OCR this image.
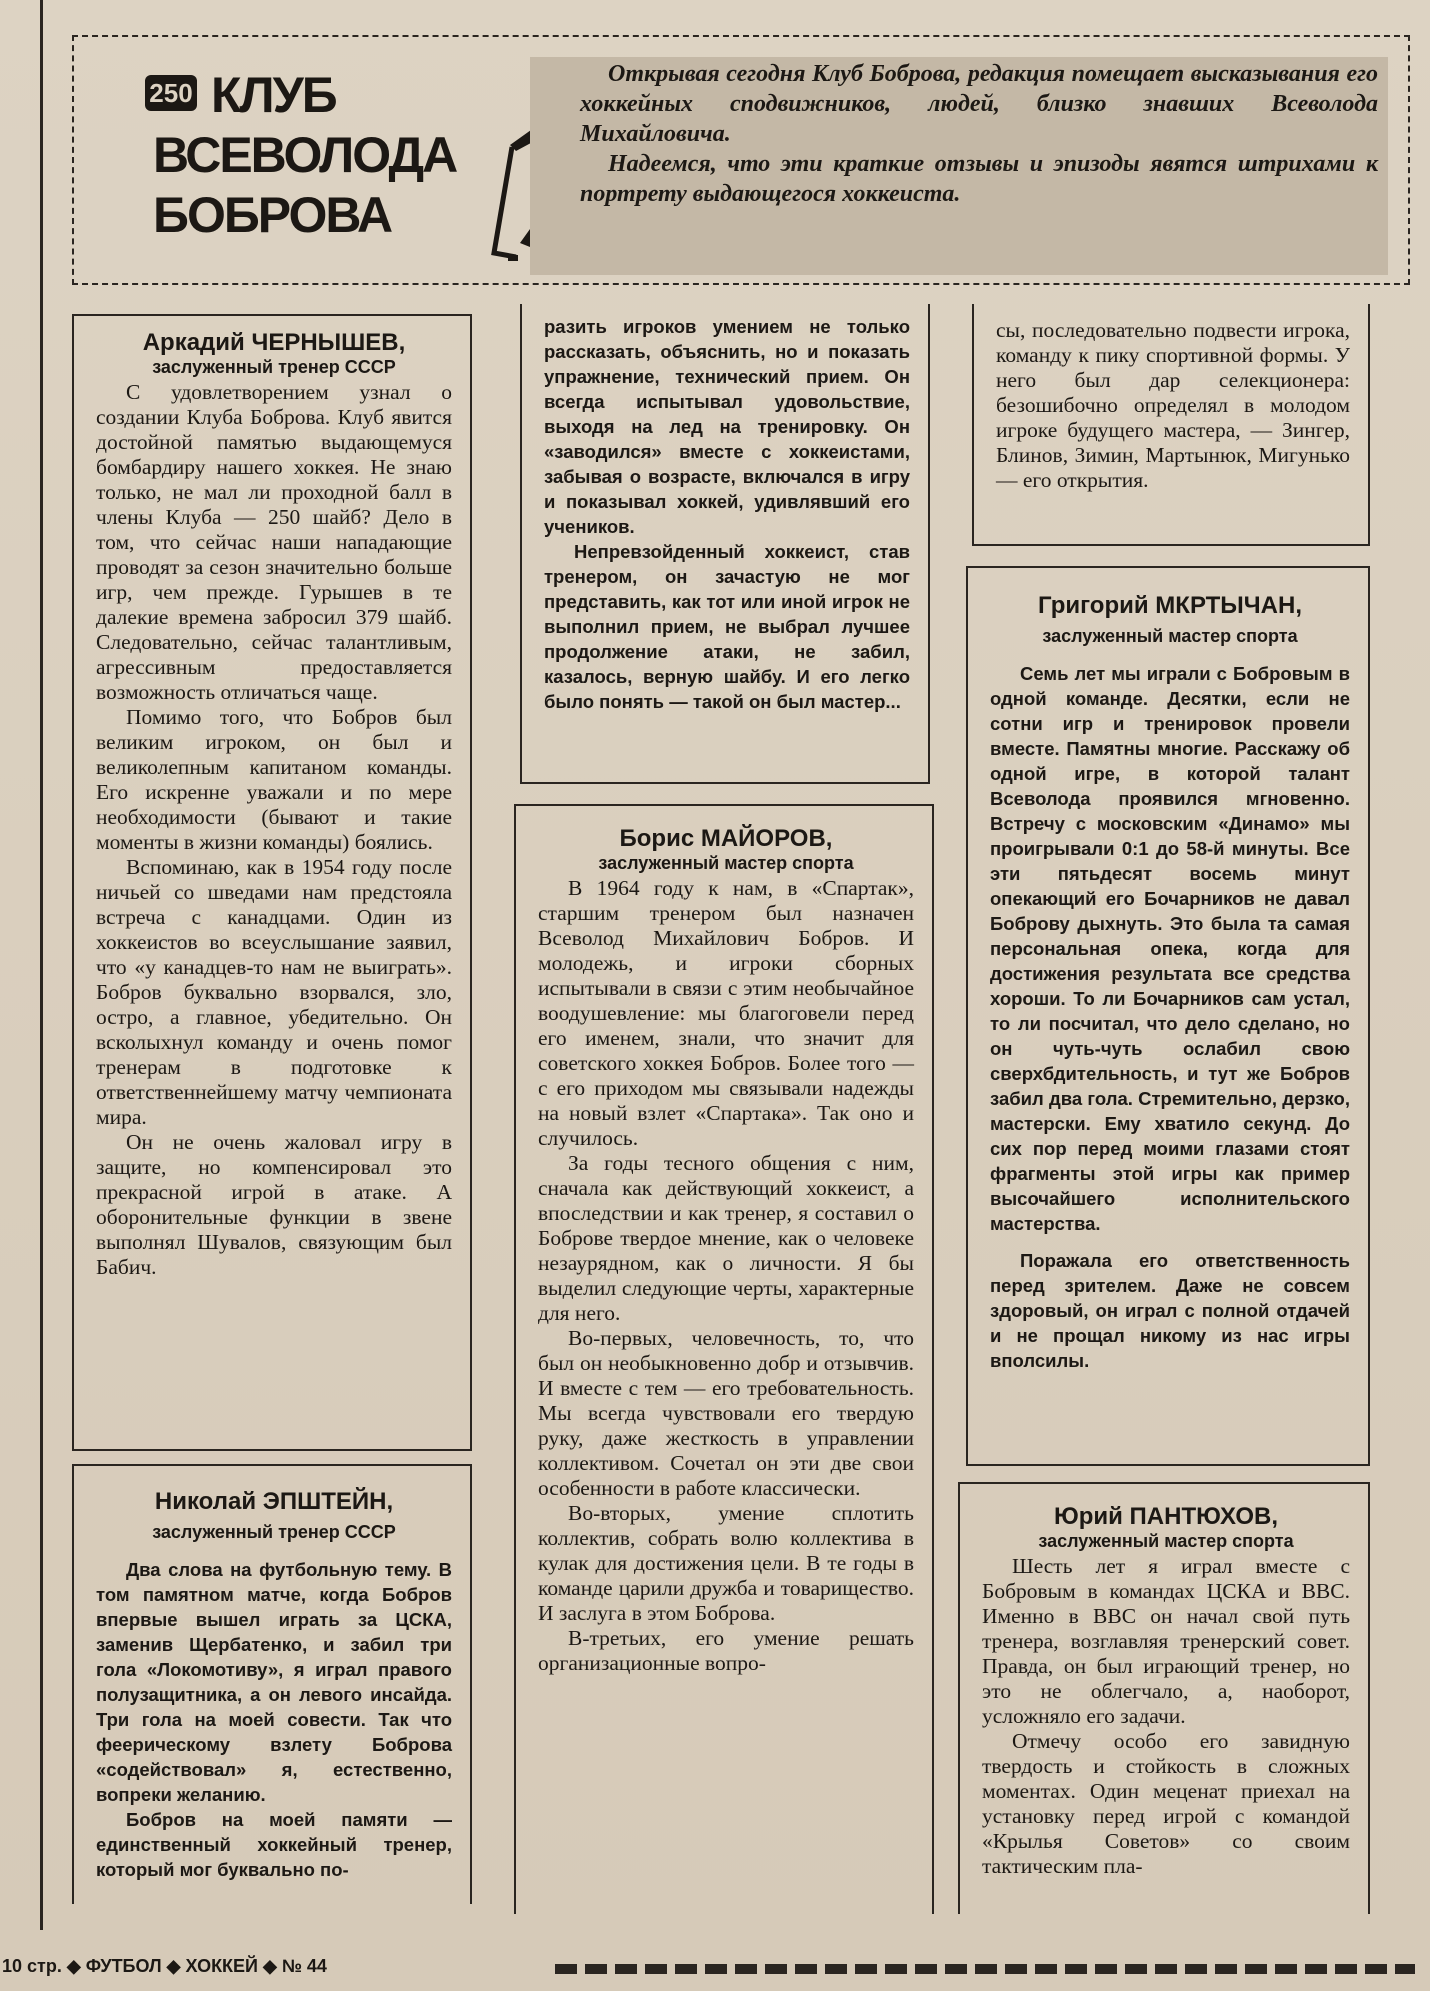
250 КЛУБ
ВСЕВОЛОДА
БОБРОВА

Открывая сегодня Клуб Боброва, редакция помещает высказывания его хоккейных сподвижников, людей, близко знавших Всеволода Михайловича.

Надеемся, что эти краткие отзывы и эпизоды явятся штрихами к портрету выдающегося хоккеиста.

Аркадий ЧЕРНЫШЕВ,

заслуженный тренер СССР

С удовлетворением узнал о создании Клуба Боброва. Клуб явится достойной памятью выдающемуся бомбардиру нашего хоккея. Не знаю только, не мал ли проходной балл в члены Клуба — 250 шайб? Дело в том, что сейчас наши нападающие проводят за сезон значительно больше игр, чем прежде. Гурышев в те далекие времена забросил 379 шайб. Следовательно, сейчас талантливым, агрессивным предоставляется возможность отличаться чаще.

Помимо того, что Бобров был великим игроком, он был и великолепным капитаном команды. Его искренне уважали и по мере необходимости (бывают и такие моменты в жизни команды) боялись.

Вспоминаю, как в 1954 году после ничьей со шведами нам предстояла встреча с канадцами. Один из хоккеистов во всеуслышание заявил, что «у канадцев-то нам не выиграть». Бобров буквально взорвался, зло, остро, а главное, убедительно. Он всколыхнул команду и очень помог тренерам в подготовке к ответственнейшему матчу чемпионата мира.

Он не очень жаловал игру в защите, но компенсировал это прекрасной игрой в атаке. А оборонительные функции в звене выполнял Шувалов, связующим был Бабич.

Николай ЭПШТЕЙН,

заслуженный тренер СССР

Два слова на футбольную тему. В том памятном матче, когда Бобров впервые вышел играть за ЦСКА, заменив Щербатенко, и забил три гола «Локомотиву», я играл правого полузащитника, а он левого инсайда. Три гола на моей совести. Так что феерическому взлету Боброва «содействовал» я, естественно, вопреки желанию.

Бобров на моей памяти — единственный хоккейный тренер, который мог буквально по-

разить игроков умением не только рассказать, объяснить, но и показать упражнение, технический прием. Он всегда испытывал удовольствие, выходя на лед на тренировку. Он «заводился» вместе с хоккеистами, забывая о возрасте, включался в игру и показывал хоккей, удивлявший его учеников.

Непревзойденный хоккеист, став тренером, он зачастую не мог представить, как тот или иной игрок не выполнил прием, не выбрал лучшее продолжение атаки, не забил, казалось, верную шайбу. И его легко было понять — такой он был мастер...

Борис МАЙОРОВ,

заслуженный мастер спорта

В 1964 году к нам, в «Спартак», старшим тренером был назначен Всеволод Михайлович Бобров. И молодежь, и игроки сборных испытывали в связи с этим необычайное воодушевление: мы благоговели перед его именем, знали, что значит для советского хоккея Бобров. Более того — с его приходом мы связывали надежды на новый взлет «Спартака». Так оно и случилось.

За годы тесного общения с ним, сначала как действующий хоккеист, а впоследствии и как тренер, я составил о Боброве твердое мнение, как о человеке незаурядном, как о личности. Я бы выделил следующие черты, характерные для него.

Во-первых, человечность, то, что был он необыкновенно добр и отзывчив. И вместе с тем — его требовательность. Мы всегда чувствовали его твердую руку, даже жесткость в управлении коллективом. Сочетал он эти две свои особенности в работе классически.

Во-вторых, умение сплотить коллектив, собрать волю коллектива в кулак для достижения цели. В те годы в команде царили дружба и товарищество. И заслуга в этом Боброва.

В-третьих, его умение решать организационные вопро-

сы, последовательно подвести игрока, команду к пику спортивной формы. У него был дар селекционера: безошибочно определял в молодом игроке будущего мастера, — Зингер, Блинов, Зимин, Мартынюк, Мигунько — его открытия.

Григорий МКРТЫЧАН,

заслуженный мастер спорта

Семь лет мы играли с Бобровым в одной команде. Десятки, если не сотни игр и тренировок провели вместе. Памятны многие. Расскажу об одной игре, в которой талант Всеволода проявился мгновенно. Встречу с московским «Динамо» мы проигрывали 0:1 до 58-й минуты. Все эти пятьдесят восемь минут опекающий его Бочарников не давал Боброву дыхнуть. Это была та самая персональная опека, когда для достижения результата все средства хороши. То ли Бочарников сам устал, то ли посчитал, что дело сделано, но он чуть-чуть ослабил свою сверхбдительность, и тут же Бобров забил два гола. Стремительно, дерзко, мастерски. Ему хватило секунд. До сих пор перед моими глазами стоят фрагменты этой игры как пример высочайшего исполнительского мастерства.

Поражала его ответственность перед зрителем. Даже не совсем здоровый, он играл с полной отдачей и не прощал никому из нас игры вполсилы.

Юрий ПАНТЮХОВ,

заслуженный мастер спорта

Шесть лет я играл вместе с Бобровым в командах ЦСКА и ВВС. Именно в ВВС он начал свой путь тренера, возглавляя тренерский совет. Правда, он был играющий тренер, но это не облегчало, а, наоборот, усложняло его задачи.

Отмечу особо его завидную твердость и стойкость в сложных моментах. Один меценат приехал на установку перед игрой с командой «Крылья Советов» со своим тактическим пла-

10 стр. ◆ ФУТБОЛ ◆ ХОККЕЙ ◆ № 44
